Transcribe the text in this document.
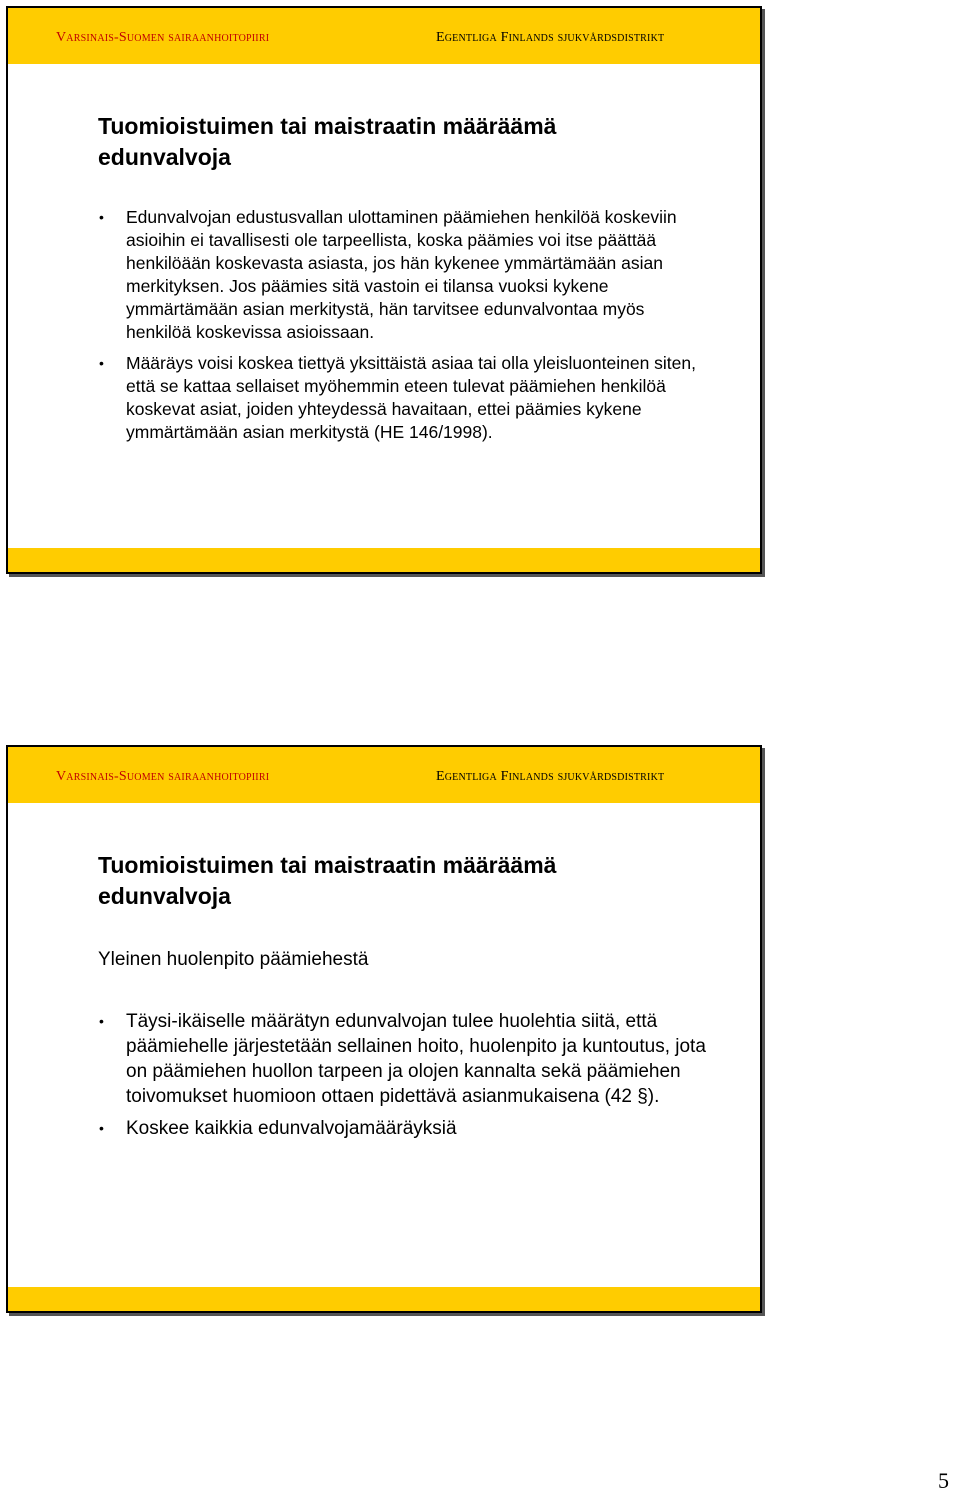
Varsinais-Suomen sairaanhoitopiiri	Egentliga Finlands sjukvårdsdistrikt
Tuomioistuimen tai maistraatin määräämä
edunvalvoja
• Edunvalvojan edustusvallan ulottaminen päämiehen henkilöä koskeviin asioihin ei tavallisesti ole tarpeellista, koska päämies voi itse päättää henkilöään koskevasta asiasta, jos hän kykenee ymmärtämään asian merkityksen. Jos päämies sitä vastoin ei tilansa vuoksi kykene ymmärtämään asian merkitystä, hän tarvitsee edunvalvontaa myös henkilöä koskevissa asioissaan.
• Määräys voisi koskea tiettyä yksittäistä asiaa tai olla yleisluonteinen siten, että se kattaa sellaiset myöhemmin eteen tulevat päämiehen henkilöä koskevat asiat, joiden yhteydessä havaitaan, ettei päämies kykene ymmärtämään asian merkitystä (HE 146/1998).
Varsinais-Suomen sairaanhoitopiiri	Egentliga Finlands sjukvårdsdistrikt
Tuomioistuimen tai maistraatin määräämä
edunvalvoja
Yleinen huolenpito päämiehestä
• Täysi-ikäiselle määrätyn edunvalvojan tulee huolehtia siitä, että päämiehelle järjestetään sellainen hoito, huolenpito ja kuntoutus, jota on päämiehen huollon tarpeen ja olojen kannalta sekä päämiehen toivomukset huomioon ottaen pidettävä asianmukaisena (42 §).
• Koskee kaikkia edunvalvojamääräyksiä
5
